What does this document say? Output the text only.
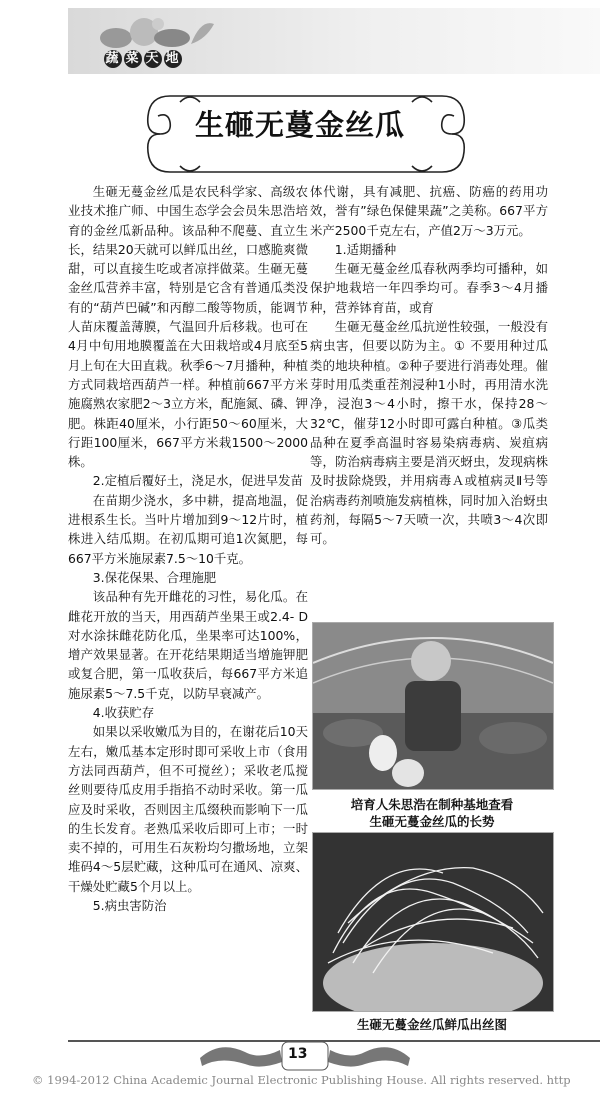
蔬 菜 天 地
生砸无蔓金丝瓜

生砸无蔓金丝瓜是农民科学家、高级农业技术推广师、中国生态学会会员朱思浩培育的金丝瓜新品种。该品种不爬蔓、直立生长，结果20天就可以鲜瓜出丝，口感脆爽微甜，可以直接生吃或者凉拌做菜。生砸无蔓金丝瓜营养丰富，特别是它含有普通瓜类没有的“葫芦巴碱”和丙醇二酸等物质，能调节人苗床覆盖薄膜，气温回升后移栽。也可在4月中旬用地膜覆盖在大田栽培或4月底至5月上旬在大田直栽。秋季6～7月播种，种植方式同栽培西葫芦一样。种植前667平方米施腐熟农家肥2～3立方米，配施氮、磷、钾肥。株距40厘米，小行距50～60厘米，大行距100厘米，667平方米栽1500～2000株。

2.定植后覆好土，浇足水，促进早发苗

在苗期少浇水，多中耕，提高地温，促进根系生长。当叶片增加到9～12片时，植株进入结瓜期。在初瓜期可追1次氮肥，每667平方米施尿素7.5～10千克。

3.保花保果、合理施肥

该品种有先开雌花的习性，易化瓜。在雌花开放的当天，用西葫芦坐果王或2.4- D对水涂抹雌花防化瓜，坐果率可达100%，增产效果显著。在开花结果期适当增施钾肥或复合肥，第一瓜收获后，每667平方米追施尿素5～7.5千克，以防早衰减产。

4.收获贮存

如果以采收嫩瓜为目的，在谢花后10天左右，嫩瓜基本定形时即可采收上市（食用方法同西葫芦，但不可搅丝）；采收老瓜搅丝则要待瓜皮用手指掐不动时采收。第一瓜应及时采收，否则因主瓜缀秧而影响下一瓜的生长发育。老熟瓜采收后即可上市；一时卖不掉的，可用生石灰粉均匀撒场地，立架堆码4～5层贮藏，这种瓜可在通风、凉爽、干燥处贮藏5个月以上。

5.病虫害防治

体代谢，具有减肥、抗癌、防癌的药用功效，誉有”绿色保健果蔬”之美称。667平方米产2500千克左右，产值2万～3万元。

1.适期播种

生砸无蔓金丝瓜春秋两季均可播种，如保护地栽培一年四季均可。春季3～4月播种，营养钵育苗，或育

生砸无蔓金丝瓜抗逆性较强，一般没有病虫害，但要以防为主。① 不要用种过瓜类的地块种植。②种子要进行消毒处理。催芽时用瓜类重茬剂浸种1小时，再用清水洗净，浸泡3～4小时，擦干水，保持28～32℃，催芽12小时即可露白种植。③瓜类品种在夏季高温时容易染病毒病、炭疽病等，防治病毒病主要是消灭蚜虫，发现病株及时拔除烧毁，并用病毒Ａ或植病灵Ⅱ号等治病毒药剂喷施发病植株，同时加入治蚜虫药剂，每隔5～7天喷一次，共喷3～4次即可。

培育人朱思浩在制种基地查看
生砸无蔓金丝瓜的长势
生砸无蔓金丝瓜鲜瓜出丝图
13
© 1994-2012 China Academic Journal Electronic Publishing House. All rights reserved. http
